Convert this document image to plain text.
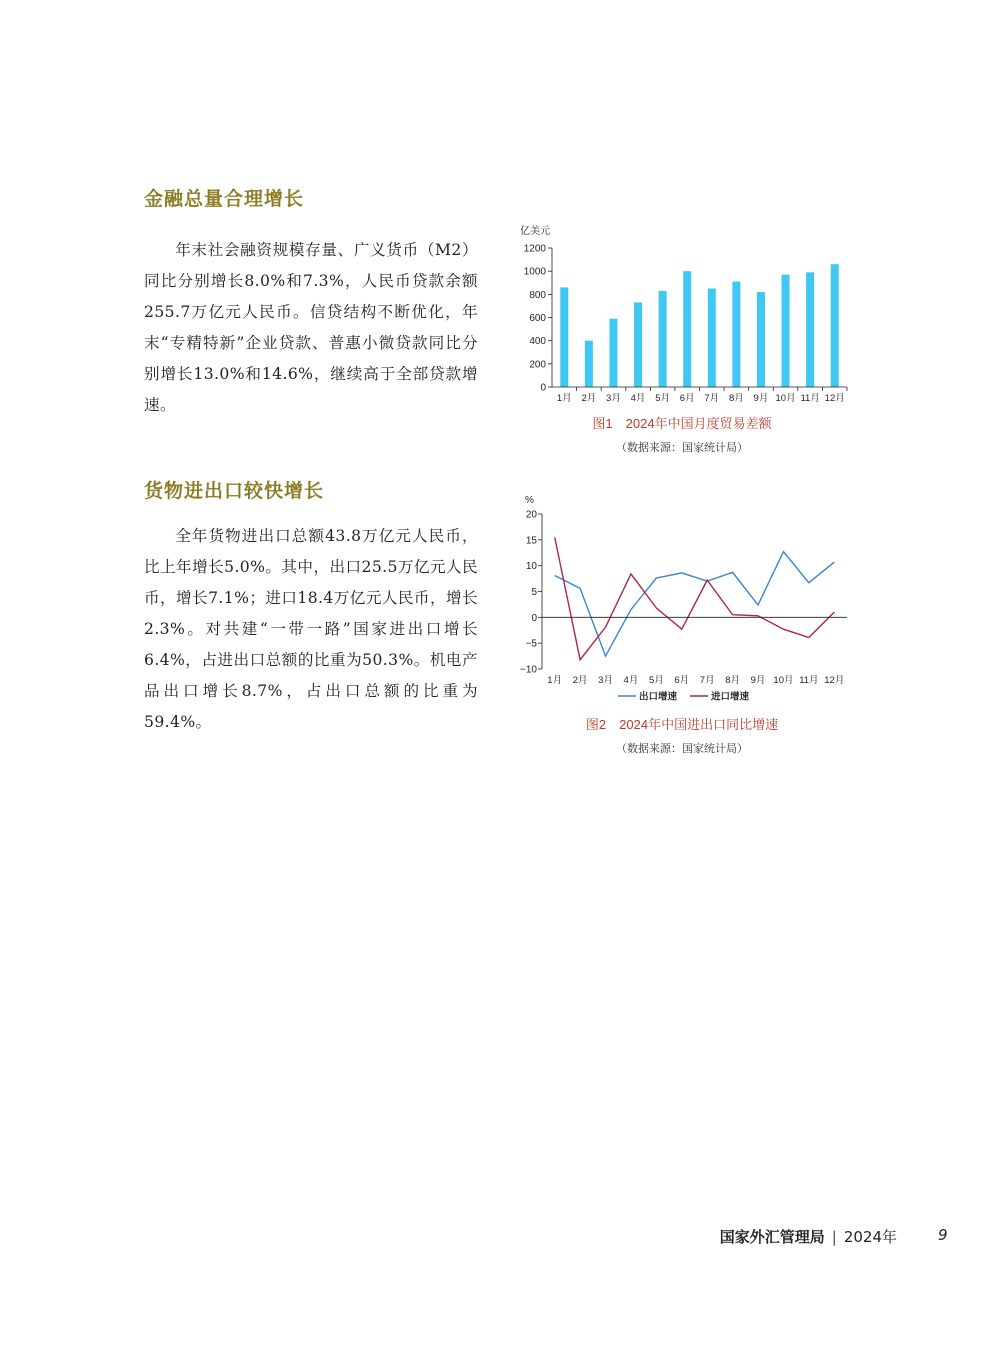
金融总量合理增长

年末社会融资规模存量、广义货币（M2）同比分别增长8.0%和7.3%，人民币贷款余额255.7万亿元人民币。信贷结构不断优化，年末“专精特新”企业贷款、普惠小微贷款同比分别增长13.0%和14.6%，继续高于全部贷款增速。

货物进出口较快增长

全年货物进出口总额43.8万亿元人民币，比上年增长5.0%。其中，出口25.5万亿元人民币，增长7.1%；进口18.4万亿元人民币，增长2.3%。对共建“一带一路”国家进出口增长6.4%，占进出口总额的比重为50.3%。机电产品出口增长8.7%，占出口总额的比重为59.4%。

亿美元
0
200
400
600
800
1000
1200
1月 2月 3月 4月 5月 6月 7月 8月 9月 10月 11月 12月
图1　2024年中国月度贸易差额
（数据来源：国家统计局）
%
−10
−5
0
5
10
15
20
1月 2月 3月 4月 5月 6月 7月 8月 9月 10月 11月 12月
出口增速	进口增速
图2　2024年中国进出口同比增速
（数据来源：国家统计局）
国家外汇管理局 | 2024年	9
